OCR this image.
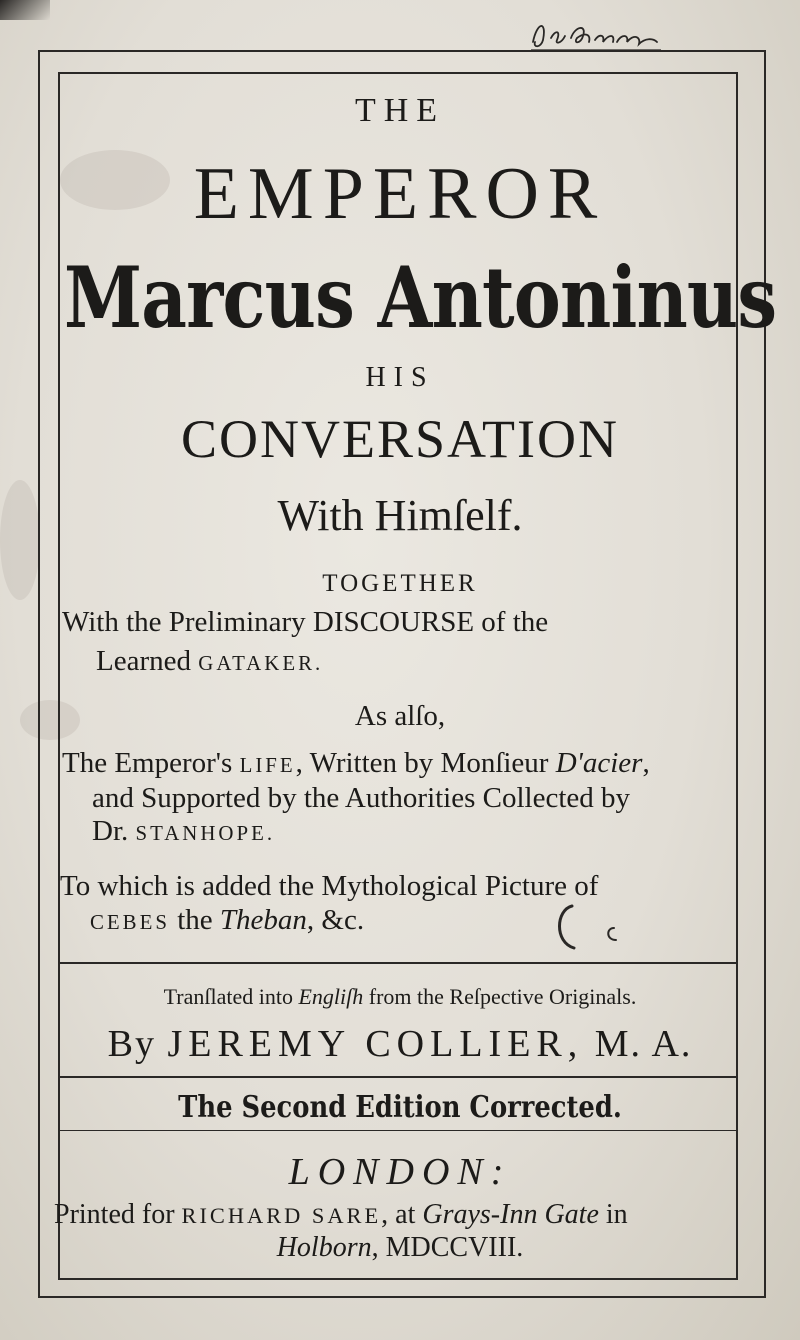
THE
EMPEROR
Marcus Antoninus
HIS
CONVERSATION
With Himſelf.
TOGETHER
With the Preliminary DISCOURSE of the
Learned GATAKER.
As alſo,
The Emperor's LIFE, Written by Monſieur D'acier,
and Supported by the Authorities Collected by
Dr. STANHOPE.
To which is added the Mythological Picture of
CEBES the Theban, &c.
Tranſlated into Engliſh from the Reſpective Originals.
By JEREMY COLLIER, M. A.
The Second Edition Corrected.
LONDON:
Printed for RICHARD SARE, at Grays-Inn Gate in
Holborn, MDCCVIII.
